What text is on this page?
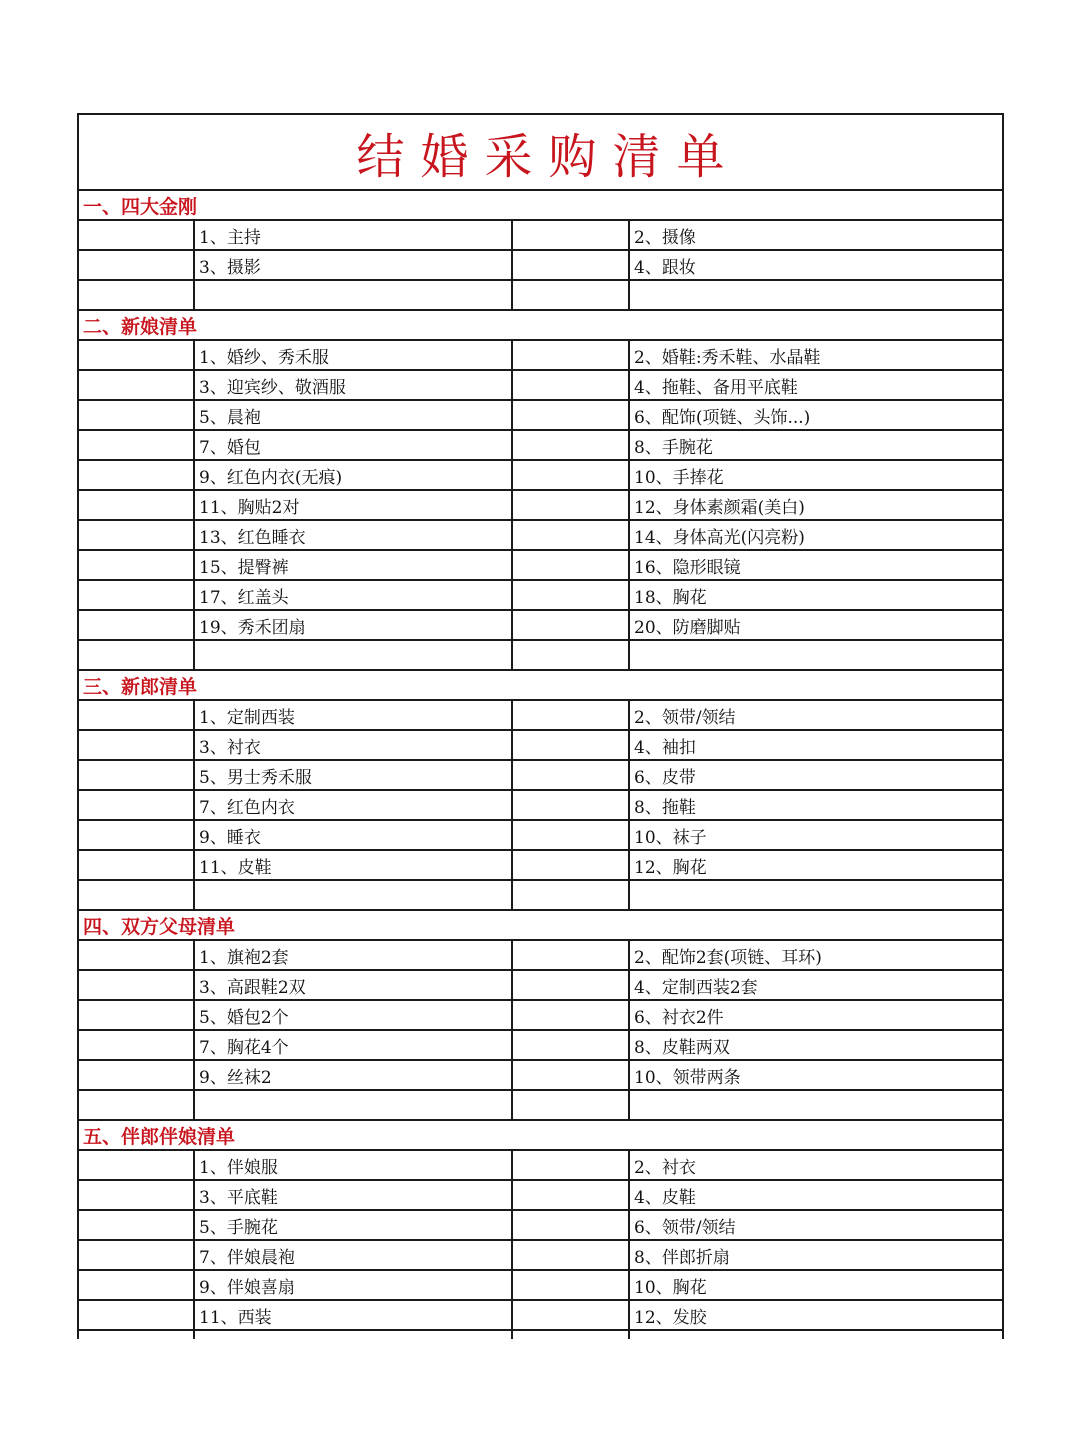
结婚采购清单
一、四大金刚
1、主持	2、摄像
3、摄影	4、跟妆
二、新娘清单
1、婚纱、秀禾服	2、婚鞋:秀禾鞋、水晶鞋
3、迎宾纱、敬酒服	4、拖鞋、备用平底鞋
5、晨袍	6、配饰(项链、头饰...)
7、婚包	8、手腕花
9、红色内衣(无痕)	10、手捧花
11、胸贴2对	12、身体素颜霜(美白)
13、红色睡衣	14、身体高光(闪亮粉)
15、提臀裤	16、隐形眼镜
17、红盖头	18、胸花
19、秀禾团扇	20、防磨脚贴
三、新郎清单
1、定制西装	2、领带/领结
3、衬衣	4、袖扣
5、男士秀禾服	6、皮带
7、红色内衣	8、拖鞋
9、睡衣	10、袜子
11、皮鞋	12、胸花
四、双方父母清单
1、旗袍2套	2、配饰2套(项链、耳环)
3、高跟鞋2双	4、定制西装2套
5、婚包2个	6、衬衣2件
7、胸花4个	8、皮鞋两双
9、丝袜2	10、领带两条
五、伴郎伴娘清单
1、伴娘服	2、衬衣
3、平底鞋	4、皮鞋
5、手腕花	6、领带/领结
7、伴娘晨袍	8、伴郎折扇
9、伴娘喜扇	10、胸花
11、西装	12、发胶
